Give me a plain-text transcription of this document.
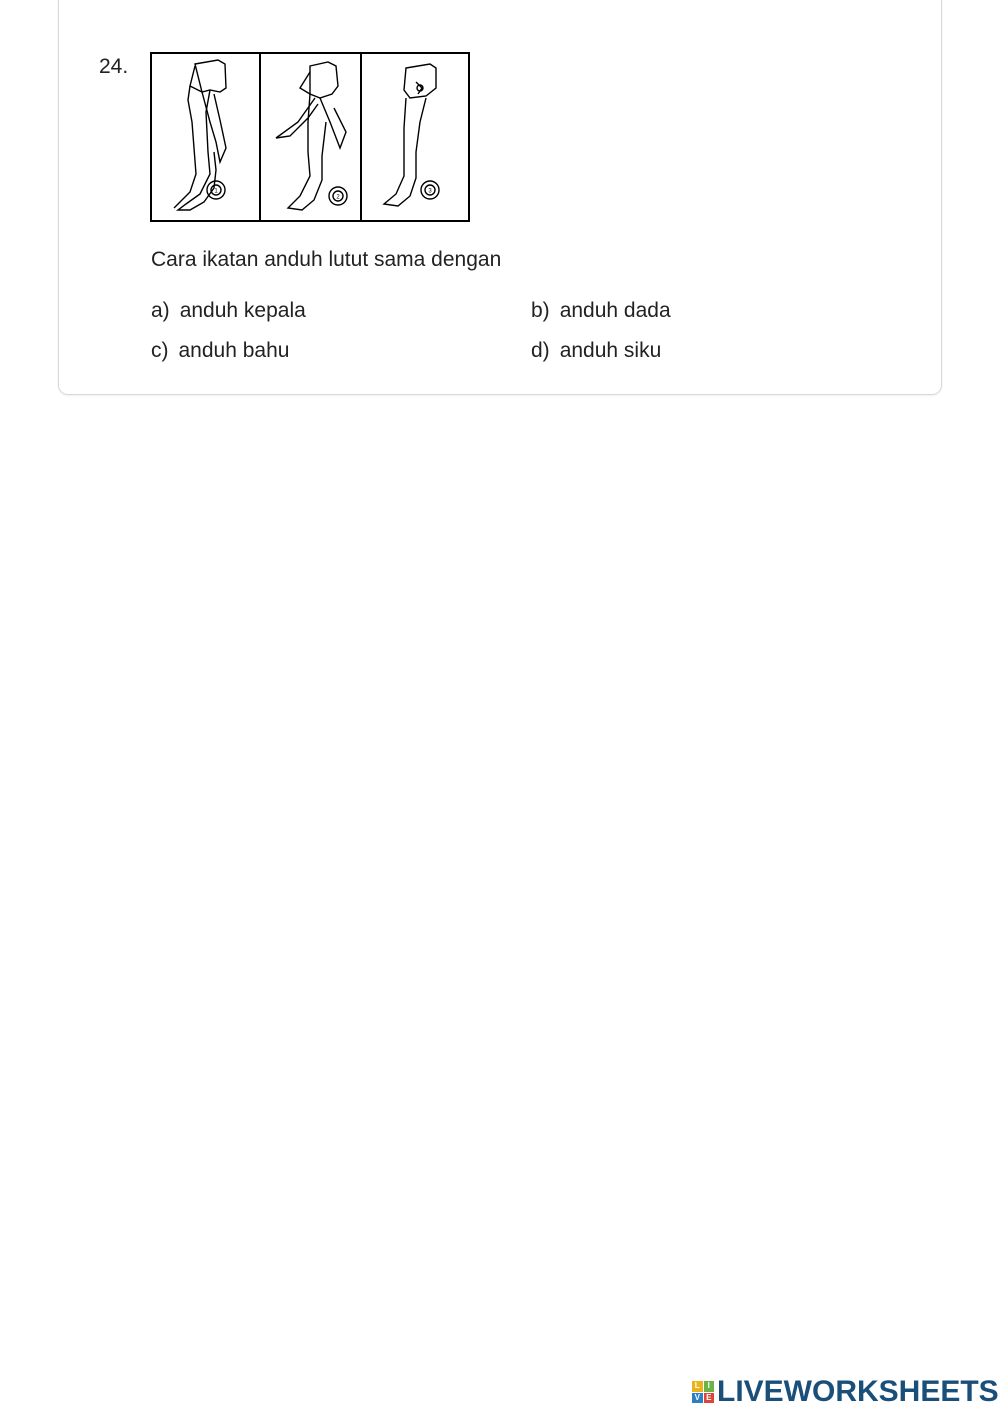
24.
1
2
3
Cara ikatan anduh lutut sama dengan
a) anduh kepala	b) anduh dada
c) anduh bahu	d) anduh siku
L I
V E LIVEWORKSHEETS
